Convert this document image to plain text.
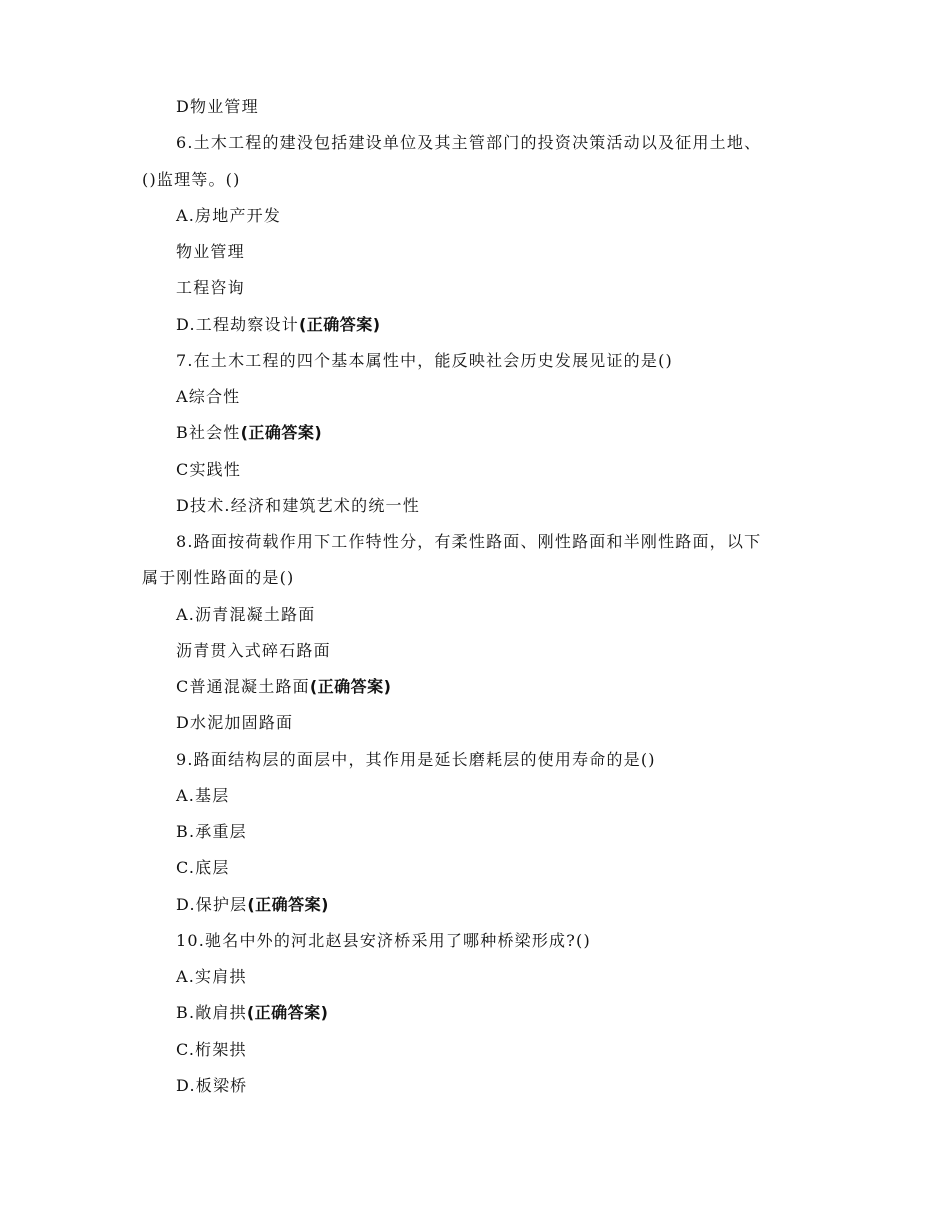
D物业管理
6.土木工程的建没包括建设单位及其主管部门的投资决策活动以及征用土地、
()监理等。()
A.房地产开发
物业管理
工程咨询
D.工程劫察设计(正确答案)
7.在土木工程的四个基本属性中，能反映社会历史发展见证的是()
A综合性
B社会性(正确答案)
C实践性
D技术.经济和建筑艺术的统一性
8.路面按荷载作用下工作特性分，有柔性路面、刚性路面和半刚性路面，以下
属于刚性路面的是()
A.沥青混凝土路面
沥青贯入式碎石路面
C普通混凝土路面(正确答案)
D水泥加固路面
9.路面结构层的面层中，其作用是延长磨耗层的使用寿命的是()
A.基层
B.承重层
C.底层
D.保护层(正确答案)
10.驰名中外的河北赵县安济桥采用了哪种桥梁形成?()
A.实肩拱
B.敞肩拱(正确答案)
C.桁架拱
D.板梁桥
